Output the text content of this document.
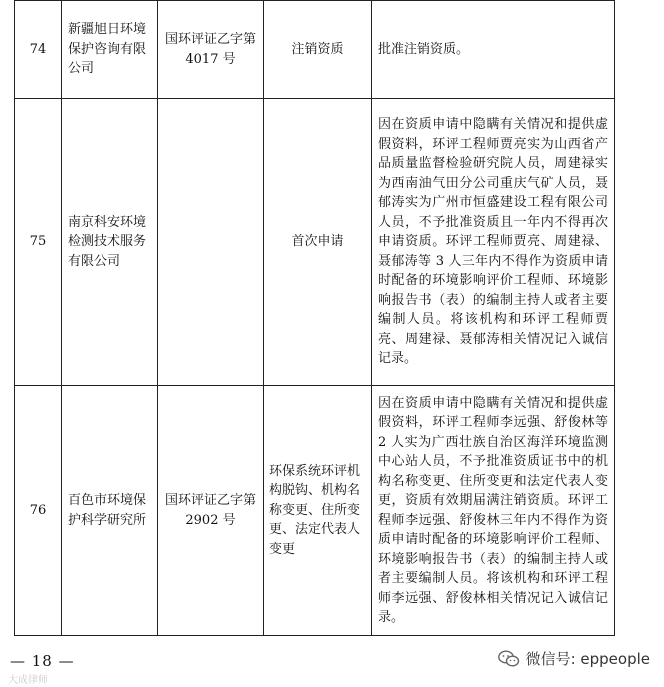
74	新疆旭日环境保护咨询有限公司	国环评证乙字第 4017 号	注销资质	批准注销资质。
75	南京科安环境检测技术服务有限公司		首次申请	因在资质申请中隐瞒有关情况和提供虚假资料，环评工程师贾亮实为山西省产品质量监督检验研究院人员，周建禄实为西南油气田分公司重庆气矿人员，聂郁涛实为广州市恒盛建设工程有限公司人员，不予批准资质且一年内不得再次申请资质。环评工程师贾亮、周建禄、聂郁涛等 3 人三年内不得作为资质申请时配备的环境影响评价工程师、环境影响报告书（表）的编制主持人或者主要编制人员。将该机构和环评工程师贾亮、周建禄、聂郁涛相关情况记入诚信记录。
76	百色市环境保护科学研究所	国环评证乙字第 2902 号	环保系统环评机构脱钩、机构名称变更、住所变更、法定代表人变更	因在资质申请中隐瞒有关情况和提供虚假资料，环评工程师李远强、舒俊林等 2 人实为广西壮族自治区海洋环境监测中心站人员，不予批准资质证书中的机构名称变更、住所变更和法定代表人变更，资质有效期届满注销资质。环评工程师李远强、舒俊林三年内不得作为资质申请时配备的环境影响评价工程师、环境影响报告书（表）的编制主持人或者主要编制人员。将该机构和环评工程师李远强、舒俊林相关情况记入诚信记录。
— 18 —
大成律师
微信号: eppeople
